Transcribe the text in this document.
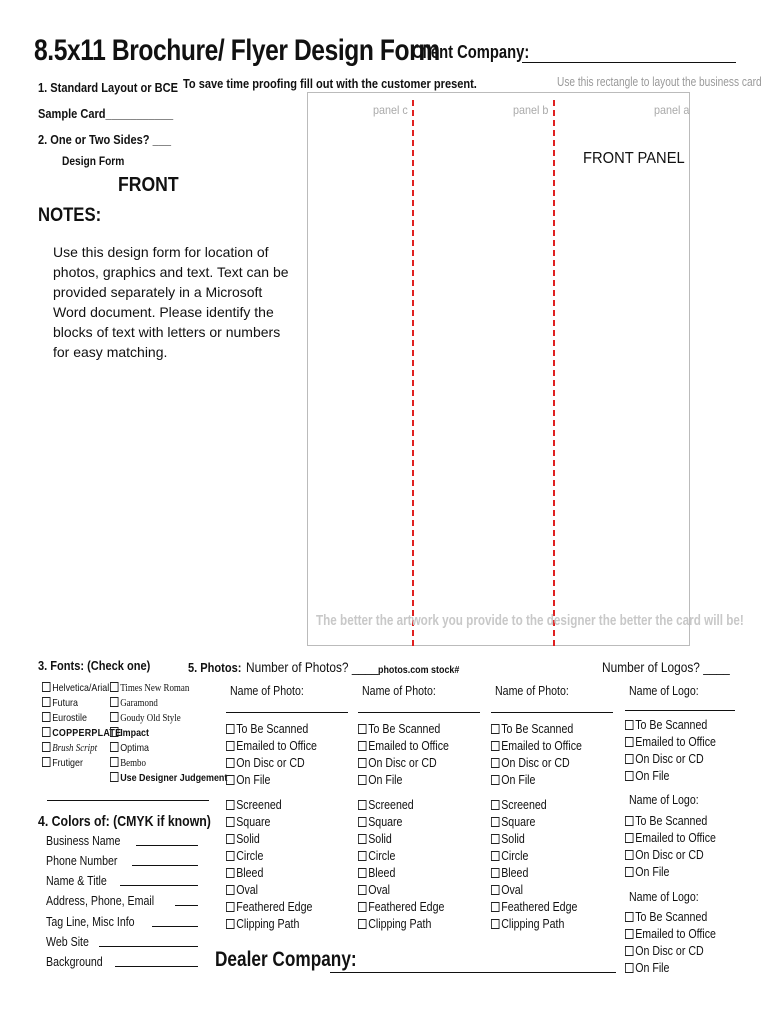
8.5x11 Brochure/ Flyer Design Form
Client Company:
To save time proofing fill out with the customer present.	Use this rectangle to layout the business card
1. Standard Layout or BCE
Sample Card___________
2. One or Two Sides? ___
Design Form
FRONT
NOTES:
Use this design form for location of photos, graphics and text. Text can be provided separately in a Microsoft Word document. Please identify the blocks of text with letters or numbers for easy matching.
panel c	panel b	panel a
FRONT PANEL
The better the artwork you provide to the designer the better the card will be!
3. Fonts: (Check one)
Helvetica/Arial
Futura
Eurostile
COPPERPLATE
Brush Script
Frutiger
Times New Roman
Garamond
Goudy Old Style
Impact
Optima
Bembo
Use Designer Judgement
4. Colors of: (CMYK if known)
Business Name
Phone Number
Name & Title
Address, Phone, Email
Tag Line, Misc Info
Web Site
Background
5. Photos: Number of Photos? ____ photos.com stock#	Number of Logos? ____
Name of Photo:
To Be Scanned
Emailed to Office
On Disc or CD
On File
Screened
Square
Solid
Circle
Bleed
Oval
Feathered Edge
Clipping Path
Name of Photo:
To Be Scanned
Emailed to Office
On Disc or CD
On File
Screened
Square
Solid
Circle
Bleed
Oval
Feathered Edge
Clipping Path
Name of Photo:
To Be Scanned
Emailed to Office
On Disc or CD
On File
Screened
Square
Solid
Circle
Bleed
Oval
Feathered Edge
Clipping Path
Name of Logo:
To Be Scanned
Emailed to Office
On Disc or CD
On File
Name of Logo:
To Be Scanned
Emailed to Office
On Disc or CD
On File
Name of Logo:
To Be Scanned
Emailed to Office
On Disc or CD
On File
Dealer Company:
